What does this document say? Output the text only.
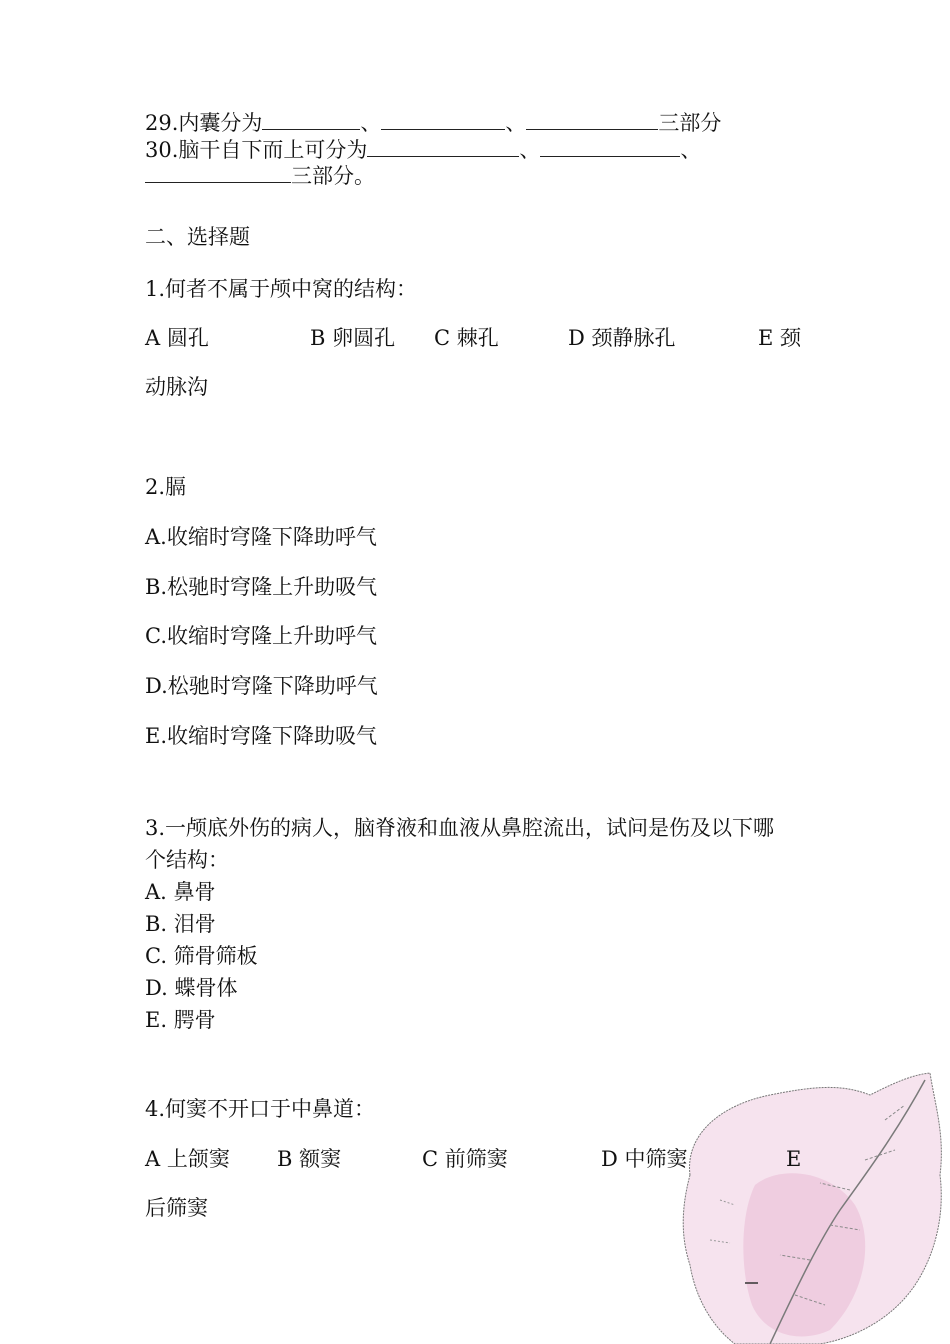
29.内囊分为	、	、	三部分
30.脑干自下而上可分为	、	、
三部分。
二、选择题
1.何者不属于颅中窝的结构：
A 圆孔	B 卵圆孔 C 棘孔	D 颈静脉孔	E 颈
动脉沟
2.膈
A.收缩时穹隆下降助呼气
B.松驰时穹隆上升助吸气
C.收缩时穹隆上升助呼气
D.松驰时穹隆下降助呼气
E.收缩时穹隆下降助吸气
3.一颅底外伤的病人，脑脊液和血液从鼻腔流出，试问是伤及以下哪
个结构：
A. 鼻骨
B. 泪骨
C. 筛骨筛板
D. 蝶骨体
E. 腭骨
4.何窦不开口于中鼻道：
A 上颌窦 B 额窦	C 前筛窦	D 中筛窦	E
后筛窦
